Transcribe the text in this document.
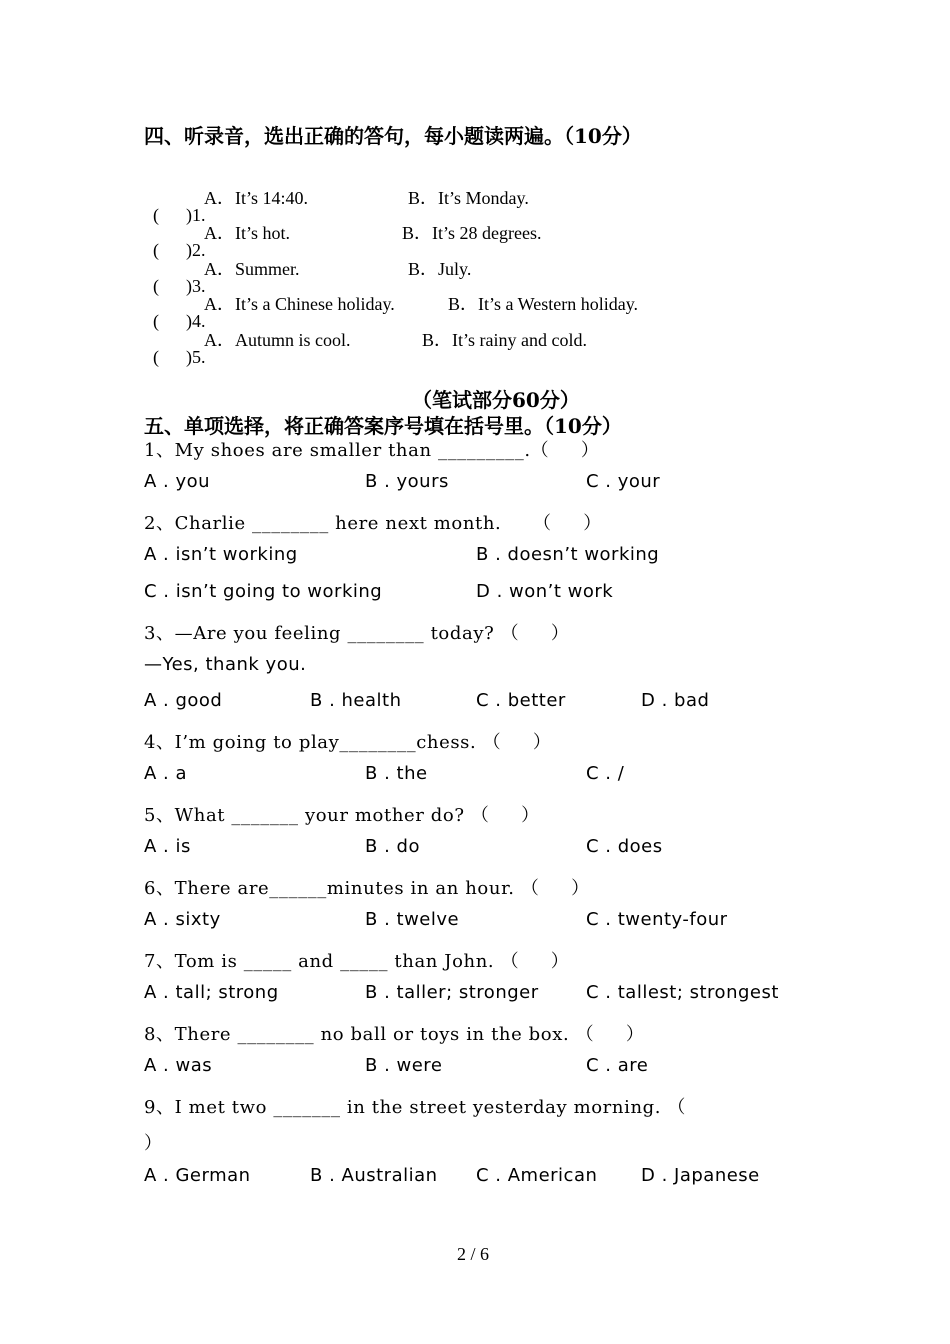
四、听录音，选出正确的答句，每小题读两遍。（10分）

(      )1.

A．It’s 14:40.	B．It’s Monday.

(      )2.

A．It’s hot.	B．It’s 28 degrees.

(      )3.

A．Summer.	B．July.

(      )4.

A．It’s a Chinese holiday.	B．It’s a Western holiday.

(      )5.

A．Autumn is cool.	B．It’s rainy and cold.
（笔试部分60分）
五、单项选择，将正确答案序号填在括号里。（10分）
1、My shoes are smaller than _________.（     ）
A . you	B . yours	C . your
2、Charlie ________ here next month.     （     ）
A . isn’t working	B . doesn’t working
C . isn’t going to working	D . won’t work
3、—Are you feeling ________ today? （     ）
—Yes, thank you.
A . good	B . health	C . better	D . bad
4、I’m going to play________chess. （     ）
A . a	B . the	C . /
5、What _______ your mother do? （     ）
A . is	B . do	C . does
6、There are______minutes in an hour. （     ）
A . sixty	B . twelve	C . twenty-four
7、Tom is _____ and _____ than John. （     ）
A . tall; strong	B . taller; stronger	C . tallest; strongest
8、There ________ no ball or toys in the box. （     ）
A . was	B . were	C . are
9、I met two _______ in the street yesterday morning. （
）
A . German	B . Australian C . American D . Japanese
2 / 6
